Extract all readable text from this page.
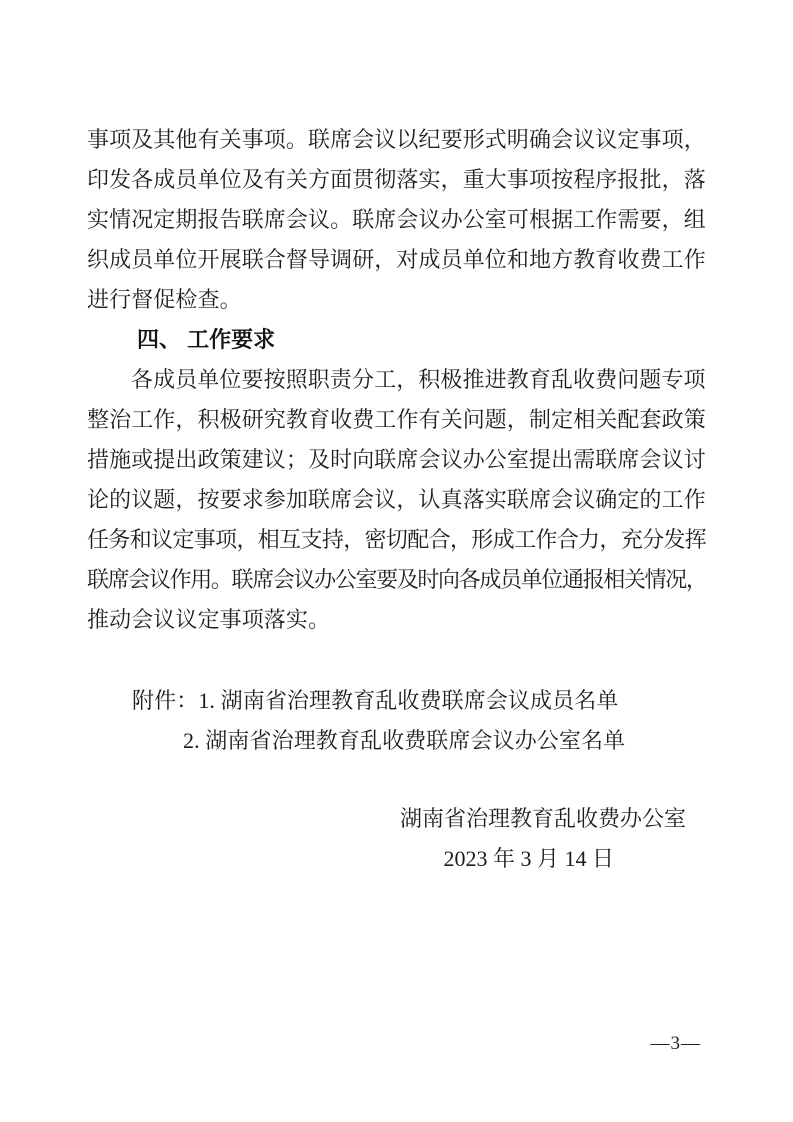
事项及其他有关事项。联席会议以纪要形式明确会议议定事项，
印发各成员单位及有关方面贯彻落实，重大事项按程序报批，落
实情况定期报告联席会议。联席会议办公室可根据工作需要，组
织成员单位开展联合督导调研，对成员单位和地方教育收费工作
进行督促检查。
四、 工作要求
各成员单位要按照职责分工，积极推进教育乱收费问题专项
整治工作，积极研究教育收费工作有关问题，制定相关配套政策
措施或提出政策建议；及时向联席会议办公室提出需联席会议讨
论的议题，按要求参加联席会议，认真落实联席会议确定的工作
任务和议定事项，相互支持，密切配合，形成工作合力，充分发挥
联席会议作用。联席会议办公室要及时向各成员单位通报相关情况，
推动会议议定事项落实。
附件：1. 湖南省治理教育乱收费联席会议成员名单
2. 湖南省治理教育乱收费联席会议办公室名单
湖南省治理教育乱收费办公室
2023 年 3 月 14 日
—3—
